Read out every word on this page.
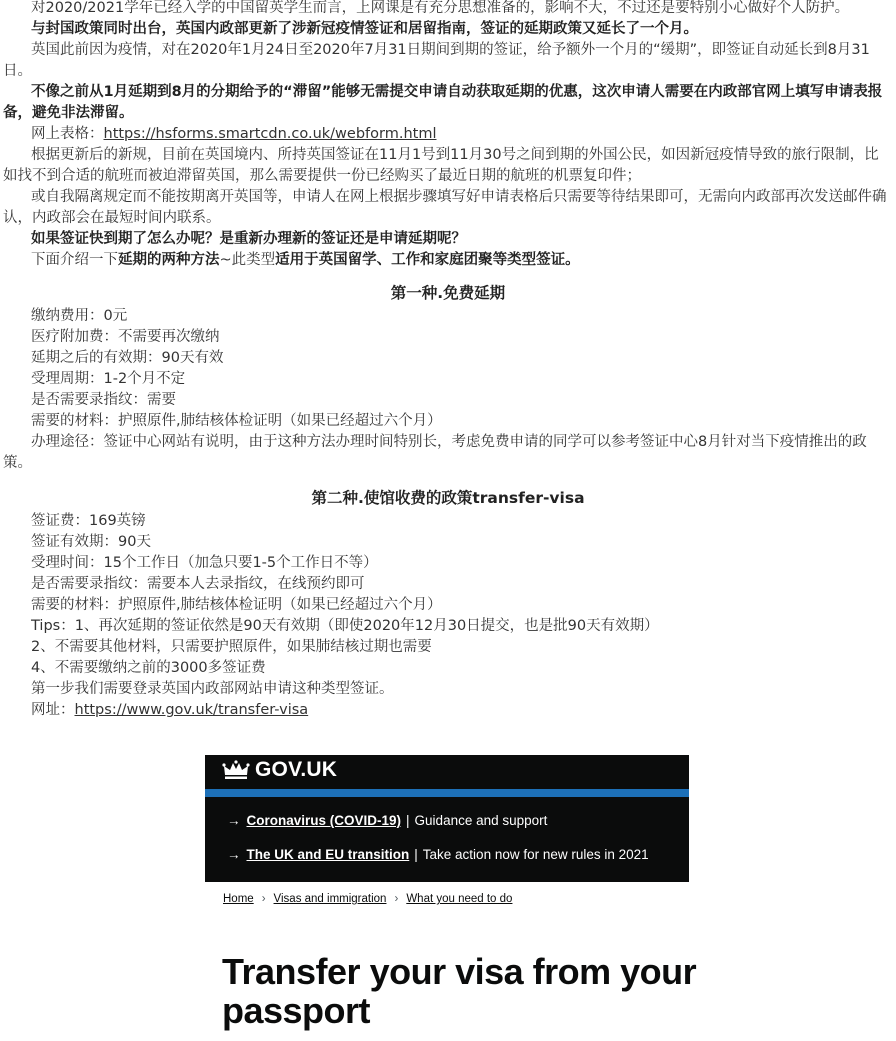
对2020/2021学年已经入学的中国留英学生而言，上网课是有充分思想准备的，影响不大，不过还是要特别小心做好个人防护。

与封国政策同时出台，英国内政部更新了涉新冠疫情签证和居留指南，签证的延期政策又延长了一个月。

英国此前因为疫情，对在2020年1月24日至2020年7月31日期间到期的签证，给予额外一个月的“缓期”，即签证自动延长到8月31日。

不像之前从1月延期到8月的分期给予的“滞留”能够无需提交申请自动获取延期的优惠，这次申请人需要在内政部官网上填写申请表报备，避免非法滞留。

网上表格：https://hsforms.smartcdn.co.uk/webform.html

根据更新后的新规，目前在英国境内、所持英国签证在11月1号到11月30号之间到期的外国公民，如因新冠疫情导致的旅行限制，比如找不到合适的航班而被迫滞留英国，那么需要提供一份已经购买了最近日期的航班的机票复印件；

或自我隔离规定而不能按期离开英国等，申请人在网上根据步骤填写好申请表格后只需要等待结果即可，无需向内政部再次发送邮件确认，内政部会在最短时间内联系。

如果签证快到期了怎么办呢？是重新办理新的签证还是申请延期呢？

下面介绍一下延期的两种方法~此类型适用于英国留学、工作和家庭团聚等类型签证。

第一种.免费延期

缴纳费用：0元

医疗附加费：不需要再次缴纳

延期之后的有效期：90天有效

受理周期：1-2个月不定

是否需要录指纹：需要

需要的材料：护照原件,肺结核体检证明（如果已经超过六个月）

办理途径：签证中心网站有说明，由于这种方法办理时间特别长，考虑免费申请的同学可以参考签证中心8月针对当下疫情推出的政策。

第二种.使馆收费的政策transfer-visa

签证费：169英镑

签证有效期：90天

受理时间：15个工作日（加急只要1-5个工作日不等）

是否需要录指纹：需要本人去录指纹，在线预约即可

需要的材料：护照原件,肺结核体检证明（如果已经超过六个月）

Tips：1、再次延期的签证依然是90天有效期（即使2020年12月30日提交，也是批90天有效期）

2、不需要其他材料，只需要护照原件，如果肺结核过期也需要

4、不需要缴纳之前的3000多签证费

第一步我们需要登录英国内政部网站申请这种类型签证。

网址：https://www.gov.uk/transfer-visa

GOV.UK
→ Coronavirus (COVID-19) | Guidance and support
→ The UK and EU transition | Take action now for new rules in 2021
Home › Visas and immigration › What you need to do
Transfer your visa from your passport
